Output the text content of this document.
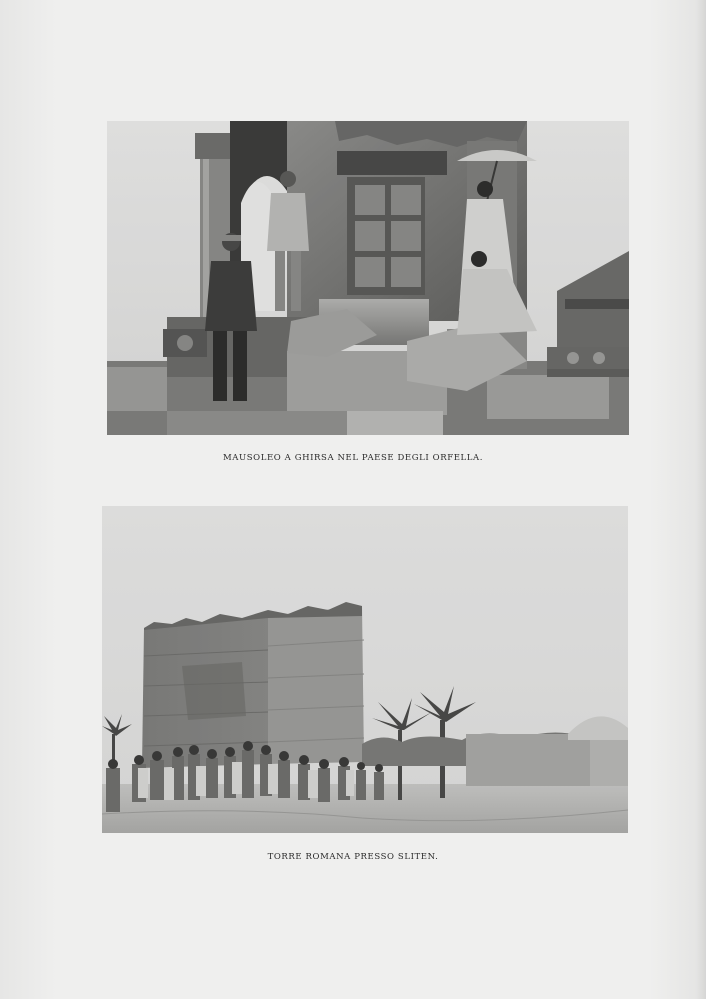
MAUSOLEO A GHIRSA NEL PAESE DEGLI ORFELLA.
TORRE ROMANA PRESSO SLITEN.
